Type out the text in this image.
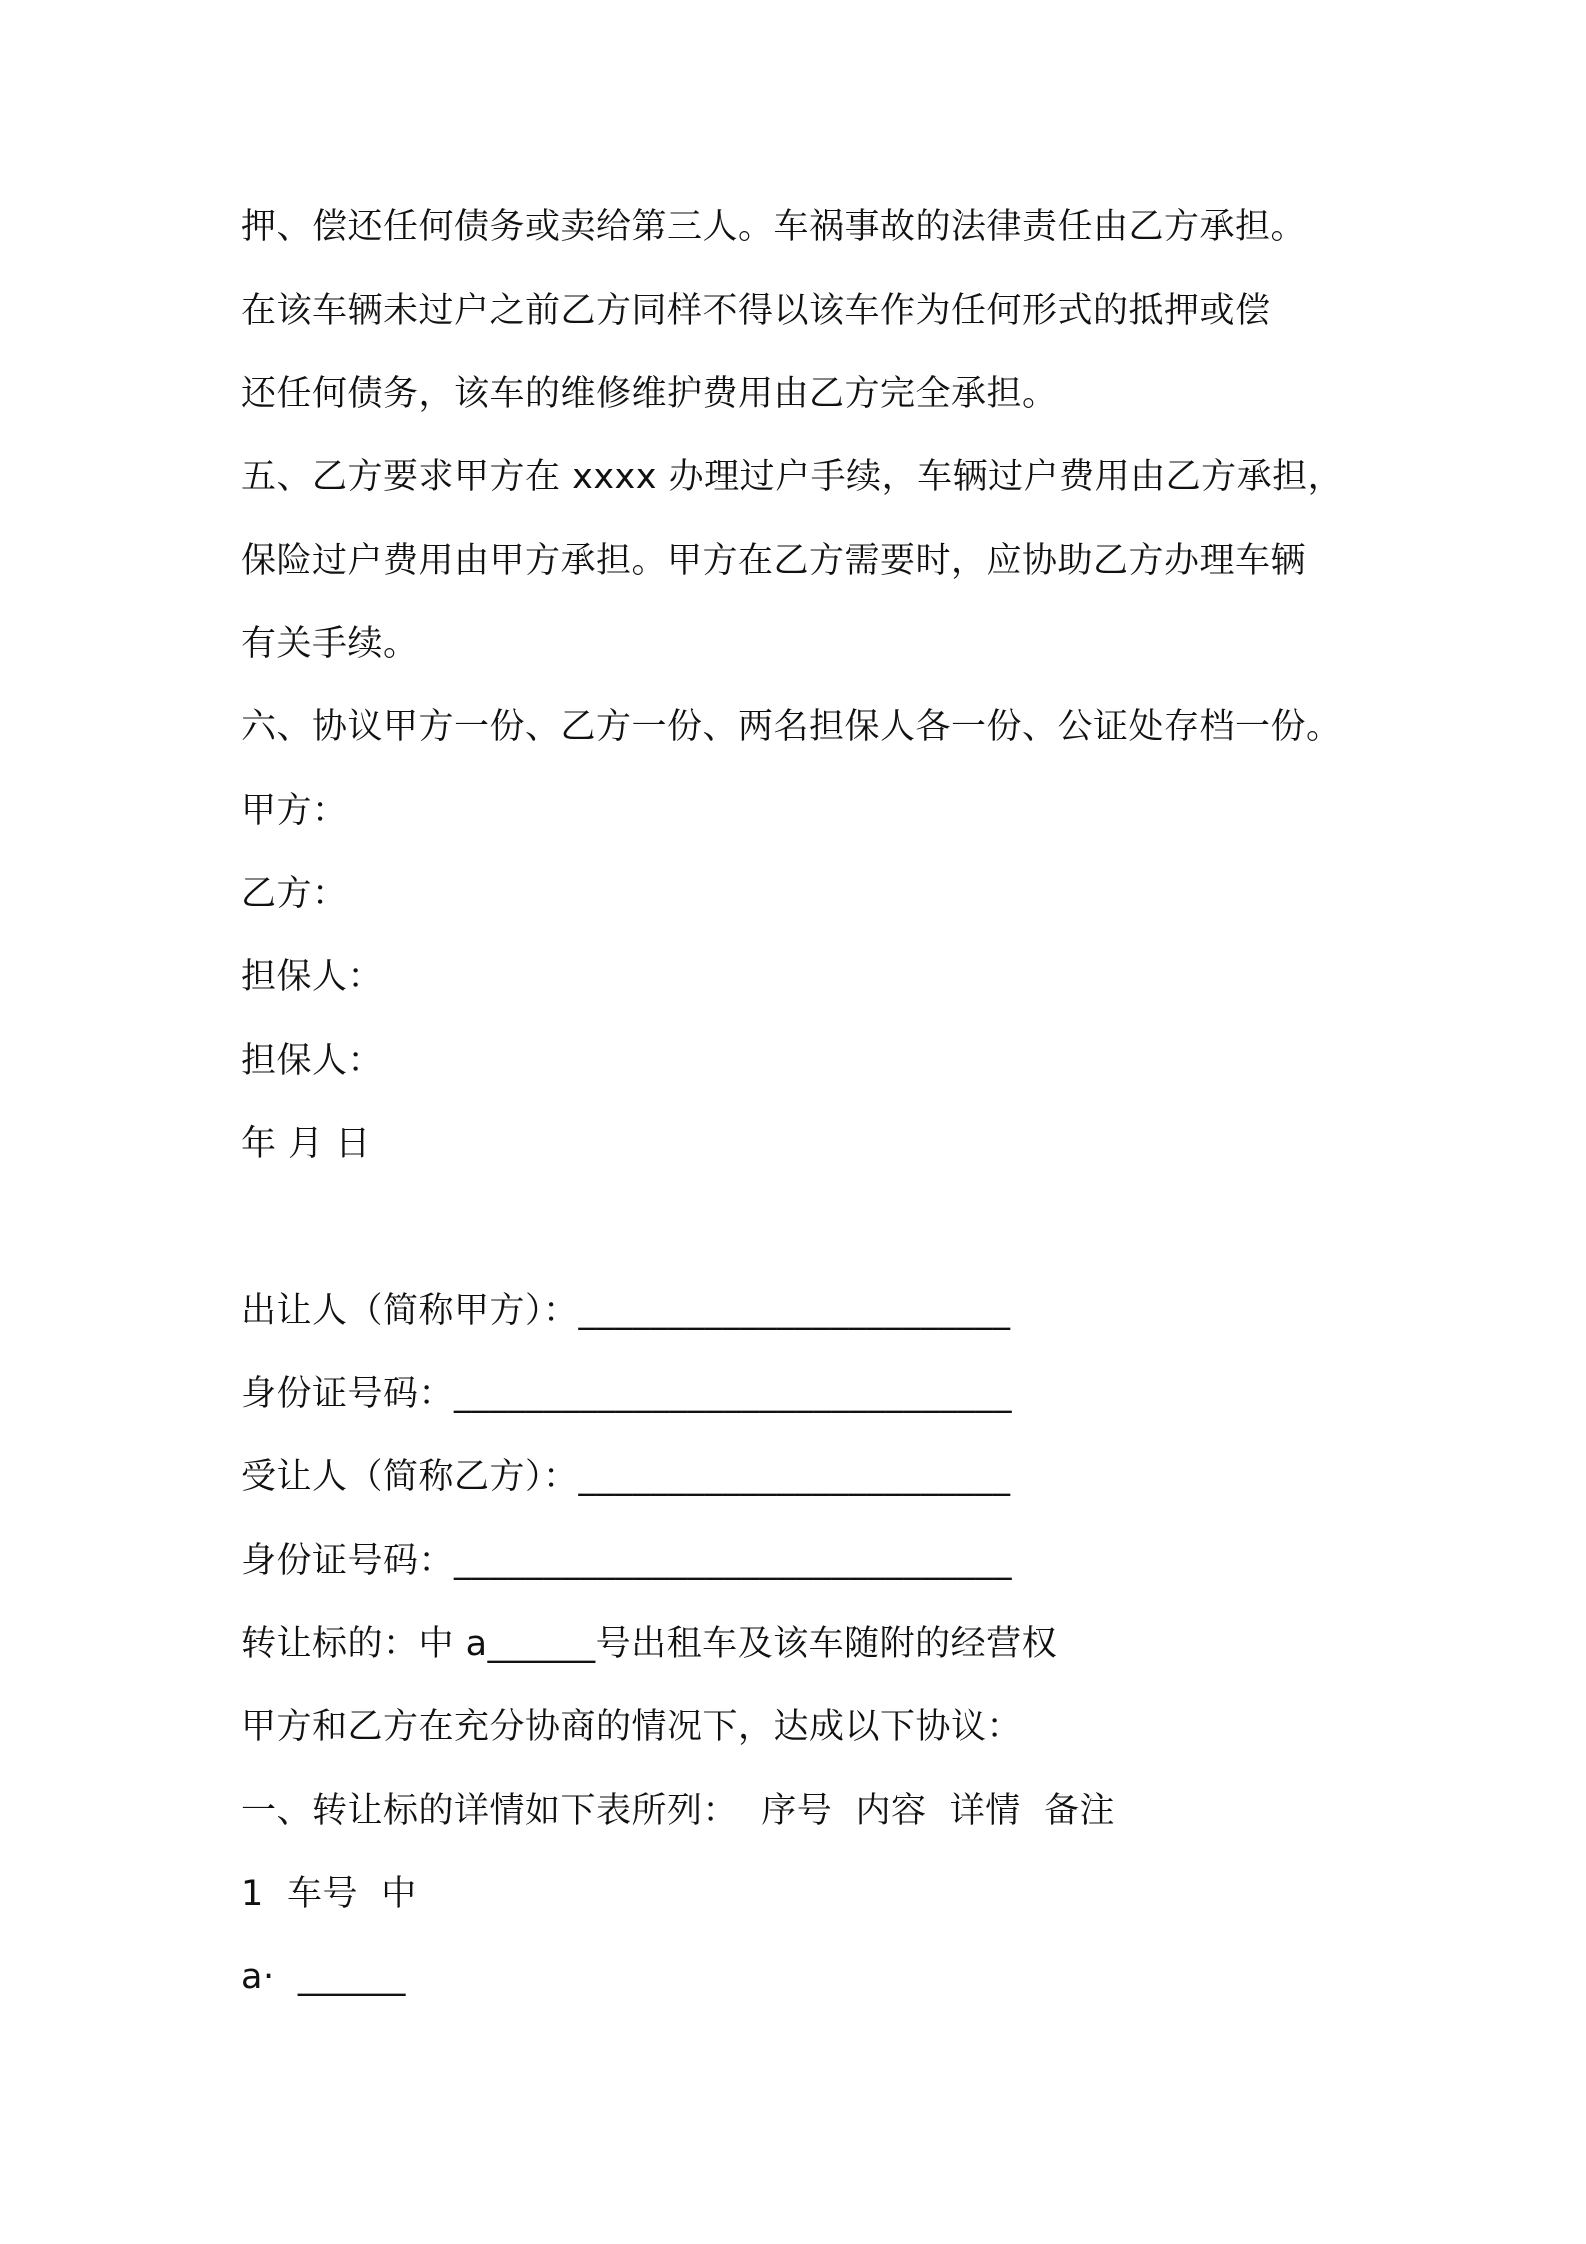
押、偿还任何债务或卖给第三人。车祸事故的法律责任由乙方承担。
在该车辆未过户之前乙方同样不得以该车作为任何形式的抵押或偿
还任何债务，该车的维修维护费用由乙方完全承担。
五、乙方要求甲方在 xxxx 办理过户手续，车辆过户费用由乙方承担，
保险过户费用由甲方承担。甲方在乙方需要时，应协助乙方办理车辆
有关手续。
六、协议甲方一份、乙方一份、两名担保人各一份、公证处存档一份。
甲方：
乙方：
担保人：
担保人：
年 月 日
出让人（简称甲方）：________________________
身份证号码：_______________________________
受让人（简称乙方）：________________________
身份证号码：_______________________________
转让标的：中 a______号出租车及该车随附的经营权
甲方和乙方在充分协商的情况下，达成以下协议：
一、转让标的详情如下表所列：  序号  内容  详情  备注
1  车号  中
a·  ______
